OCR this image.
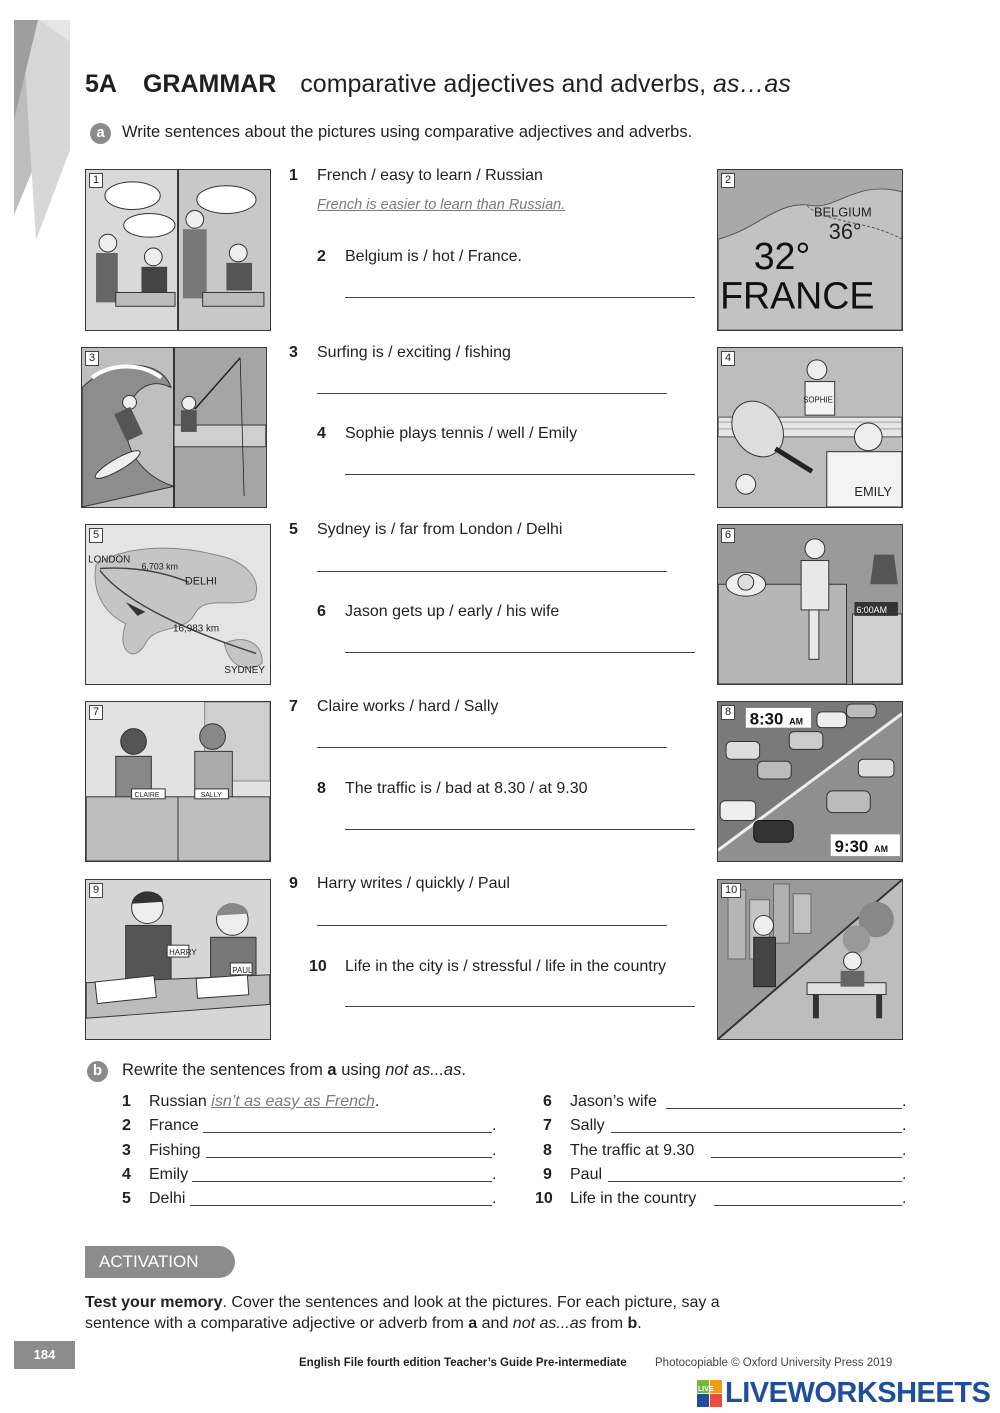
5A GRAMMAR comparative adjectives and adverbs, as…as
a	Write sentences about the pictures using comparative adjectives and adverbs.
1	2
BELGIUM
36°
32°
FRANCE
3	4
SOPHIE
EMILY
5
LONDON
6,703 km
DELHI
16,983 km
SYDNEY
6
6:00AM
7
CLAIRE	SALLY
8 8:30 AM
9:30 AM
9
HARRY
PAUL
10
1 French / easy to learn / Russian
French is easier to learn than Russian.
2 Belgium is / hot / France.
3 Surfing is / exciting / fishing
4 Sophie plays tennis / well / Emily
5 Sydney is / far from London / Delhi
6 Jason gets up / early / his wife
7 Claire works / hard / Sally
8 The traffic is / bad at 8.30 / at 9.30
9 Harry writes / quickly / Paul
10 Life in the city is / stressful / life in the country
b	Rewrite the sentences from a using not as...as.
1 Russian isn’t as easy as French.
2 France	.
3 Fishing	.
4 Emily	.
5 Delhi	.
6 Jason’s wife	.
7 Sally	.
8 The traffic at 9.30	.
9 Paul	.
10 Life in the country	.
ACTIVATION
Test your memory. Cover the sentences and look at the pictures. For each picture, say a sentence with a comparative adjective or adverb from a and not as...as from b.
184
English File fourth edition Teacher’s Guide Pre-intermediate Photocopiable © Oxford University Press 2019
LIVE LIVEWORKSHEETS
